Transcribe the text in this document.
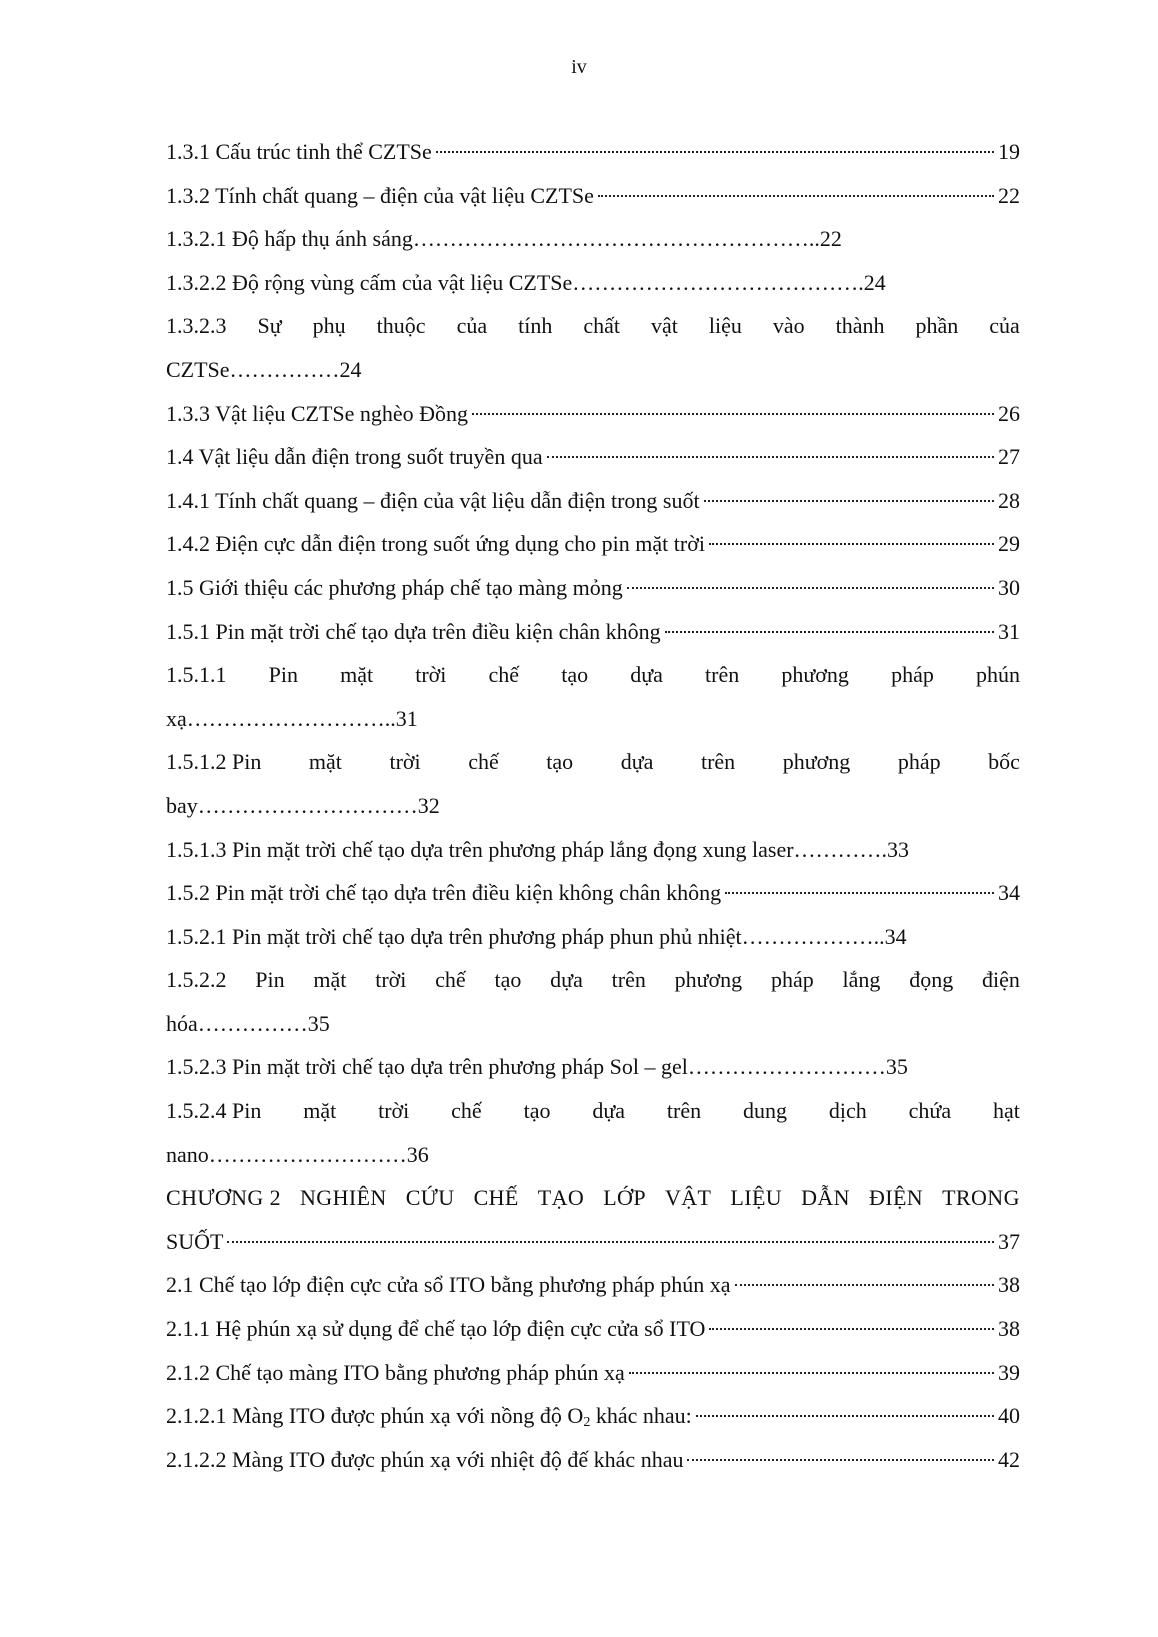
iv
1.3.1 Cấu trúc tinh thể CZTSe	19
1.3.2 Tính chất quang – điện của vật liệu CZTSe	22
1.3.2.1 Độ hấp thụ ánh sáng………………………………………………..22
1.3.2.2 Độ rộng vùng cấm của vật liệu CZTSe………………………………….24
1.3.2.3 Sự phụ thuộc của tính chất vật liệu vào thành phần của
CZTSe……………24
1.3.3 Vật liệu CZTSe nghèo Đồng	26
1.4 Vật liệu dẫn điện trong suốt truyền qua	27
1.4.1 Tính chất quang – điện của vật liệu dẫn điện trong suốt	28
1.4.2 Điện cực dẫn điện trong suốt ứng dụng cho pin mặt trời	29
1.5 Giới thiệu các phương pháp chế tạo màng mỏng	30
1.5.1 Pin mặt trời chế tạo dựa trên điều kiện chân không	31
1.5.1.1 Pin mặt trời chế tạo dựa trên phương pháp phún
xạ………………………..31
1.5.1.2 Pin mặt trời chế tạo dựa trên phương pháp bốc
bay…………………………32
1.5.1.3 Pin mặt trời chế tạo dựa trên phương pháp lắng đọng xung laser………….33
1.5.2 Pin mặt trời chế tạo dựa trên điều kiện không chân không	34
1.5.2.1 Pin mặt trời chế tạo dựa trên phương pháp phun phủ nhiệt………………..34
1.5.2.2 Pin mặt trời chế tạo dựa trên phương pháp lắng đọng điện
hóa……………35
1.5.2.3 Pin mặt trời chế tạo dựa trên phương pháp Sol – gel………………………35
1.5.2.4 Pin mặt trời chế tạo dựa trên dung dịch chứa hạt
nano………………………36
CHƯƠNG 2 NGHIÊN CỨU CHẾ TẠO LỚP VẬT LIỆU DẪN ĐIỆN TRONG
SUỐT	37
2.1 Chế tạo lớp điện cực cửa sổ ITO bằng phương pháp phún xạ	38
2.1.1 Hệ phún xạ sử dụng để chế tạo lớp điện cực cửa sổ ITO	38
2.1.2 Chế tạo màng ITO bằng phương pháp phún xạ	39
2.1.2.1 Màng ITO được phún xạ với nồng độ $O_2$ khác nhau:	40
2.1.2.2 Màng ITO được phún xạ với nhiệt độ đế khác nhau	42
